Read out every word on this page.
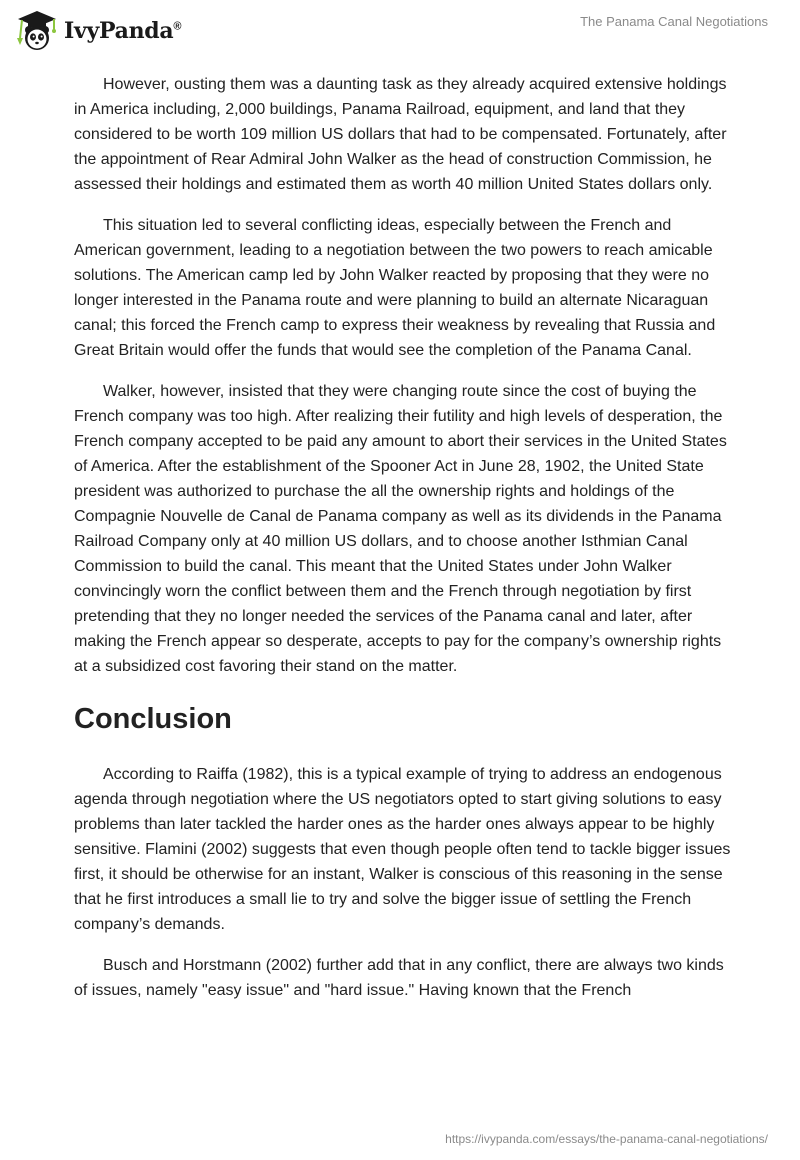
IvyPanda®	The Panama Canal Negotiations

However, ousting them was a daunting task as they already acquired extensive holdings in America including, 2,000 buildings, Panama Railroad, equipment, and land that they considered to be worth 109 million US dollars that had to be compensated. Fortunately, after the appointment of Rear Admiral John Walker as the head of construction Commission, he assessed their holdings and estimated them as worth 40 million United States dollars only.

This situation led to several conflicting ideas, especially between the French and American government, leading to a negotiation between the two powers to reach amicable solutions. The American camp led by John Walker reacted by proposing that they were no longer interested in the Panama route and were planning to build an alternate Nicaraguan canal; this forced the French camp to express their weakness by revealing that Russia and Great Britain would offer the funds that would see the completion of the Panama Canal.

Walker, however, insisted that they were changing route since the cost of buying the French company was too high. After realizing their futility and high levels of desperation, the French company accepted to be paid any amount to abort their services in the United States of America. After the establishment of the Spooner Act in June 28, 1902, the United State president was authorized to purchase the all the ownership rights and holdings of the Compagnie Nouvelle de Canal de Panama company as well as its dividends in the Panama Railroad Company only at 40 million US dollars, and to choose another Isthmian Canal Commission to build the canal. This meant that the United States under John Walker convincingly worn the conflict between them and the French through negotiation by first pretending that they no longer needed the services of the Panama canal and later, after making the French appear so desperate, accepts to pay for the company’s ownership rights at a subsidized cost favoring their stand on the matter.

Conclusion

According to Raiffa (1982), this is a typical example of trying to address an endogenous agenda through negotiation where the US negotiators opted to start giving solutions to easy problems than later tackled the harder ones as the harder ones always appear to be highly sensitive. Flamini (2002) suggests that even though people often tend to tackle bigger issues first, it should be otherwise for an instant, Walker is conscious of this reasoning in the sense that he first introduces a small lie to try and solve the bigger issue of settling the French company’s demands.

Busch and Horstmann (2002) further add that in any conflict, there are always two kinds of issues, namely "easy issue" and "hard issue." Having known that the French

https://ivypanda.com/essays/the-panama-canal-negotiations/
